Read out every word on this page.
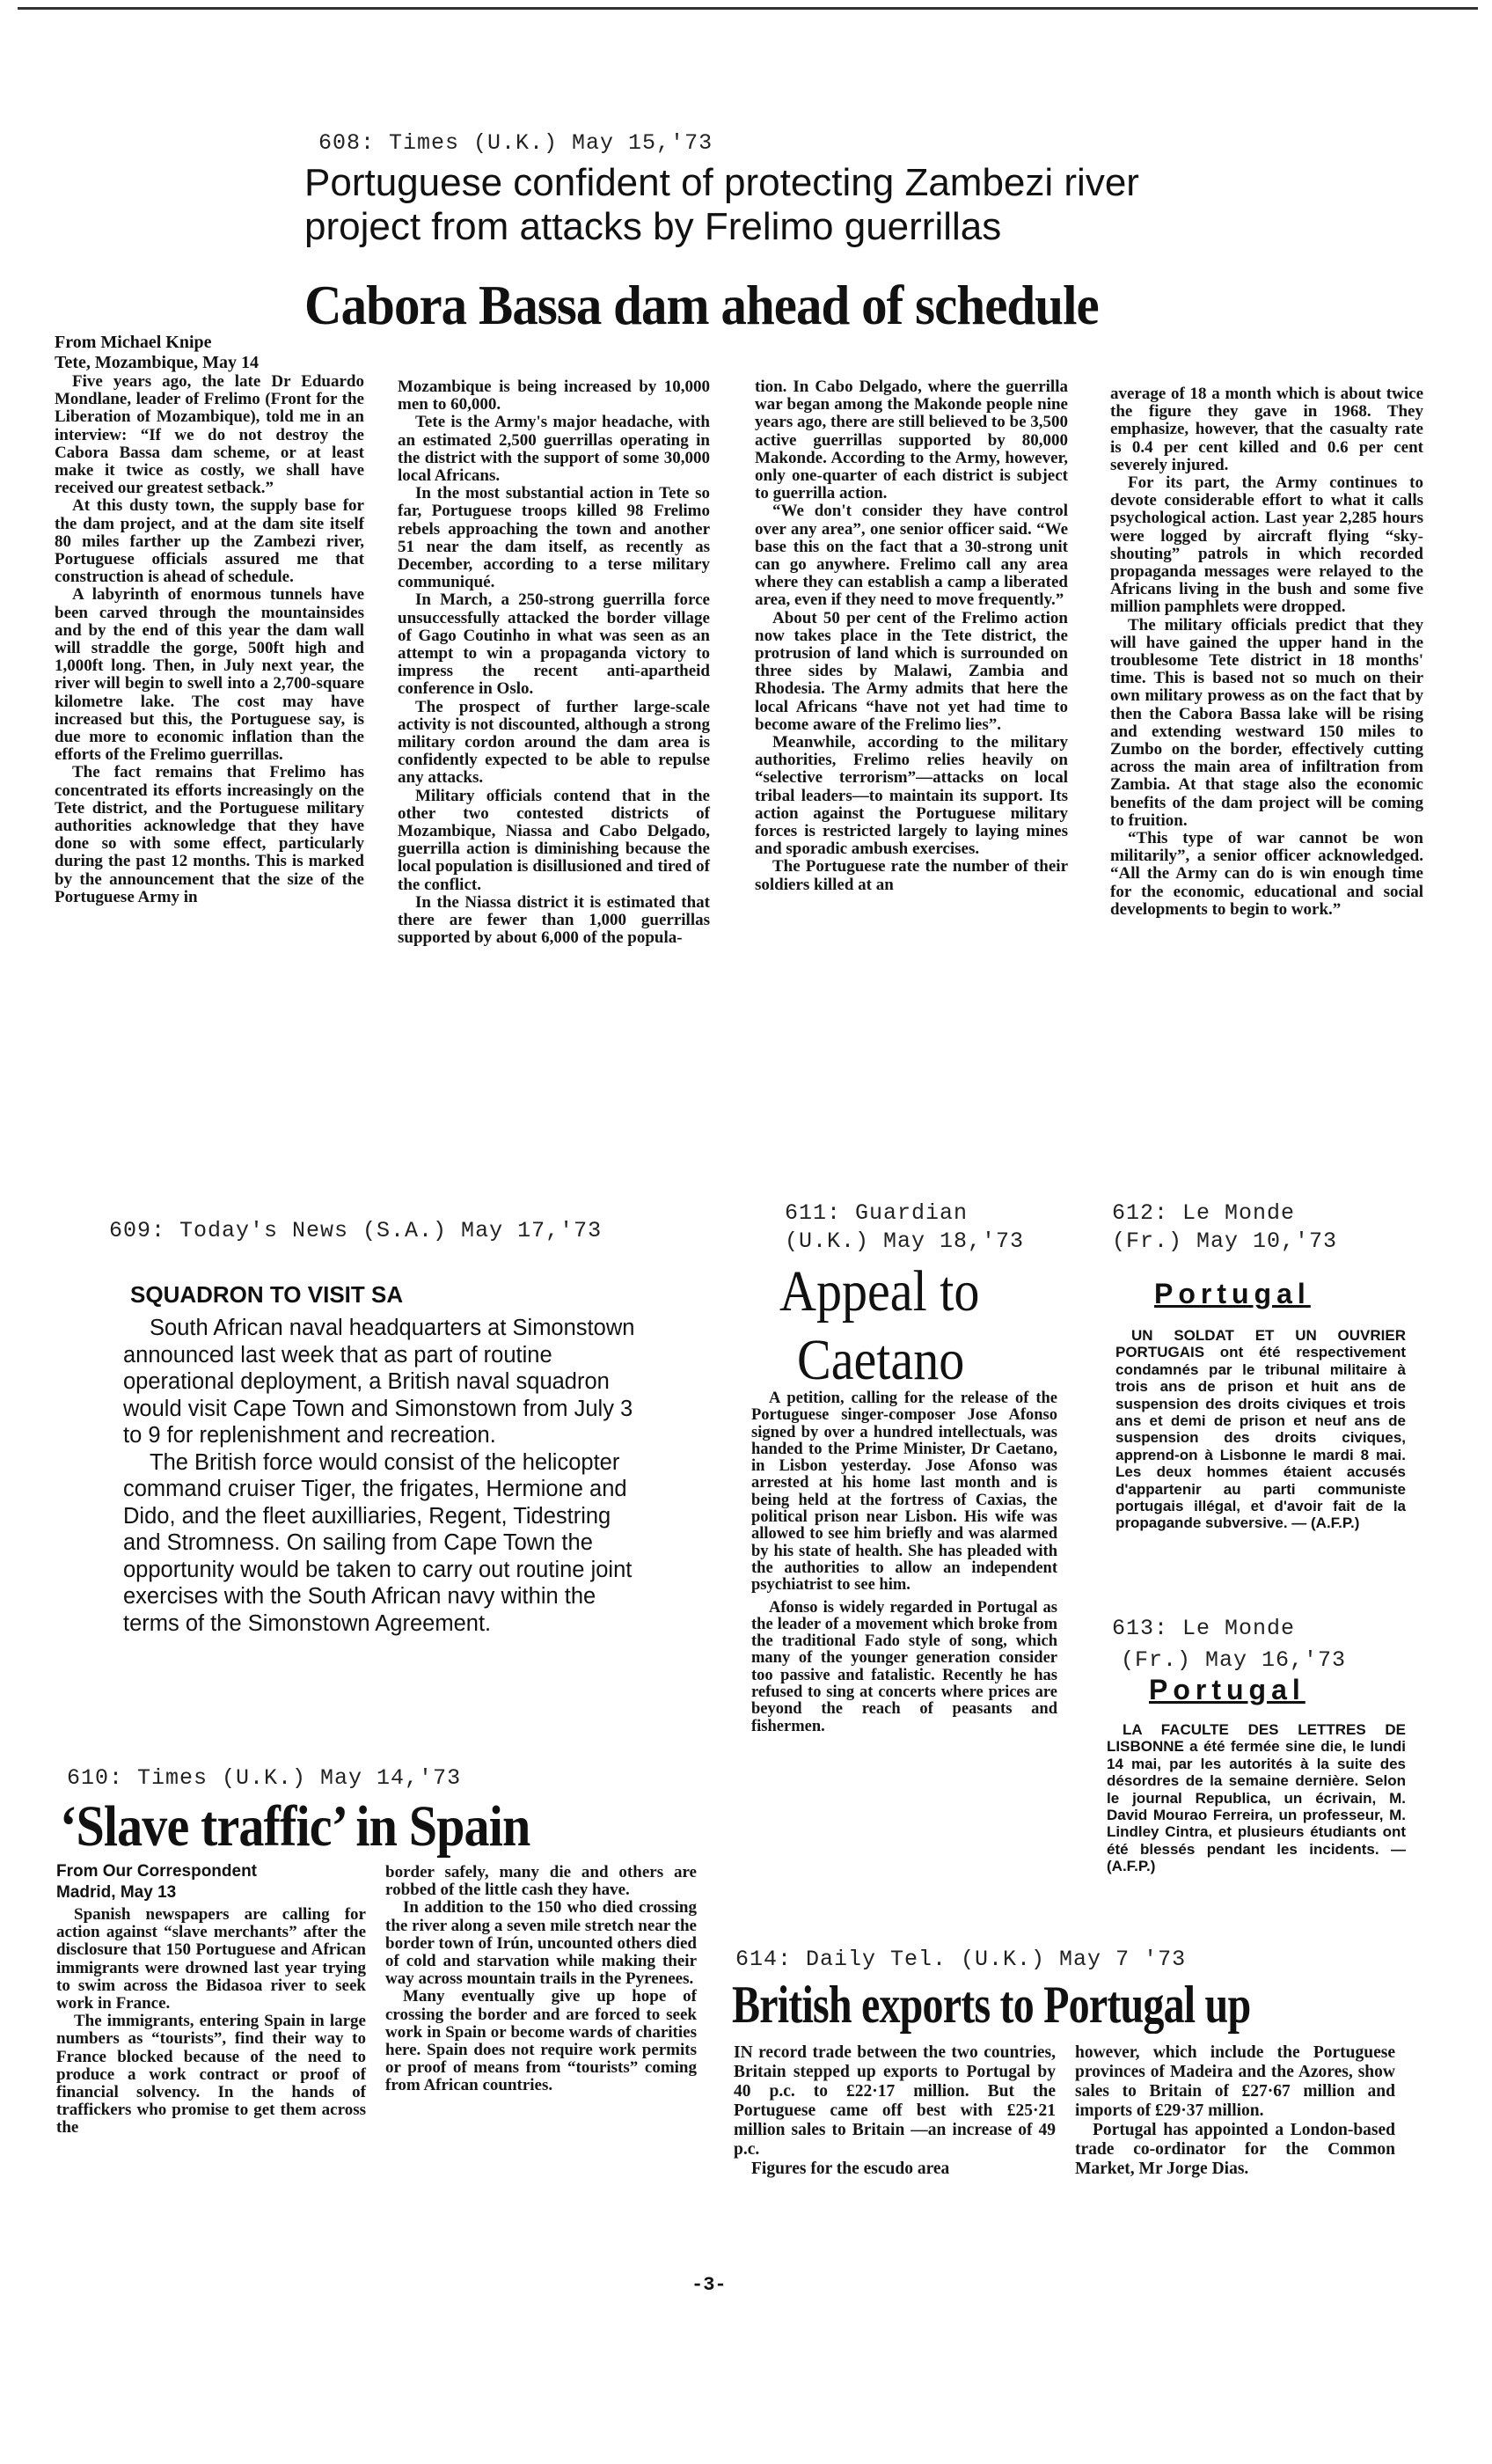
608: Times (U.K.) May 15,'73
Portuguese confident of protecting Zambezi river
project from attacks by Frelimo guerrillas
Cabora Bassa dam ahead of schedule
From Michael Knipe
Tete, Mozambique, May 14

Five years ago, the late Dr Eduardo Mondlane, leader of Frelimo (Front for the Liberation of Mozambique), told me in an interview: “If we do not destroy the Cabora Bassa dam scheme, or at least make it twice as costly, we shall have received our greatest setback.”

At this dusty town, the supply base for the dam project, and at the dam site itself 80 miles farther up the Zambezi river, Portuguese officials assured me that construction is ahead of schedule.

A labyrinth of enormous tunnels have been carved through the mountainsides and by the end of this year the dam wall will straddle the gorge, 500ft high and 1,000ft long. Then, in July next year, the river will begin to swell into a 2,700-square kilometre lake. The cost may have increased but this, the Portuguese say, is due more to economic inflation than the efforts of the Frelimo guerrillas.

The fact remains that Frelimo has concentrated its efforts increasingly on the Tete district, and the Portuguese military authorities acknowledge that they have done so with some effect, particularly during the past 12 months. This is marked by the announcement that the size of the Portuguese Army in

Mozambique is being increased by 10,000 men to 60,000.

Tete is the Army's major headache, with an estimated 2,500 guerrillas operating in the district with the support of some 30,000 local Africans.

In the most substantial action in Tete so far, Portuguese troops killed 98 Frelimo rebels approaching the town and another 51 near the dam itself, as recently as December, according to a terse military communiqué.

In March, a 250-strong guerrilla force unsuccessfully attacked the border village of Gago Coutinho in what was seen as an attempt to win a propaganda victory to impress the recent anti-apartheid conference in Oslo.

The prospect of further large-scale activity is not discounted, although a strong military cordon around the dam area is confidently expected to be able to repulse any attacks.

Military officials contend that in the other two contested districts of Mozambique, Niassa and Cabo Delgado, guerrilla action is diminishing because the local population is disillusioned and tired of the conflict.

In the Niassa district it is estimated that there are fewer than 1,000 guerrillas supported by about 6,000 of the popula-

tion. In Cabo Delgado, where the guerrilla war began among the Makonde people nine years ago, there are still believed to be 3,500 active guerrillas supported by 80,000 Makonde. According to the Army, however, only one-quarter of each district is subject to guerrilla action.

“We don't consider they have control over any area”, one senior officer said. “We base this on the fact that a 30-strong unit can go anywhere. Frelimo call any area where they can establish a camp a liberated area, even if they need to move frequently.”

About 50 per cent of the Frelimo action now takes place in the Tete district, the protrusion of land which is surrounded on three sides by Malawi, Zambia and Rhodesia. The Army admits that here the local Africans “have not yet had time to become aware of the Frelimo lies”.

Meanwhile, according to the military authorities, Frelimo relies heavily on “selective terrorism”—attacks on local tribal leaders—to maintain its support. Its action against the Portuguese military forces is restricted largely to laying mines and sporadic ambush exercises.

The Portuguese rate the number of their soldiers killed at an

average of 18 a month which is about twice the figure they gave in 1968. They emphasize, however, that the casualty rate is 0.4 per cent killed and 0.6 per cent severely injured.

For its part, the Army continues to devote considerable effort to what it calls psychological action. Last year 2,285 hours were logged by aircraft flying “sky-shouting” patrols in which recorded propaganda messages were relayed to the Africans living in the bush and some five million pamphlets were dropped.

The military officials predict that they will have gained the upper hand in the troublesome Tete district in 18 months' time. This is based not so much on their own military prowess as on the fact that by then the Cabora Bassa lake will be rising and extending westward 150 miles to Zumbo on the border, effectively cutting across the main area of infiltration from Zambia. At that stage also the economic benefits of the dam project will be coming to fruition.

“This type of war cannot be won militarily”, a senior officer acknowledged. “All the Army can do is win enough time for the economic, educational and social developments to begin to work.”

609: Today's News (S.A.) May 17,'73
SQUADRON TO VISIT SA

South African naval headquarters at Simonstown announced last week that as part of routine operational deployment, a British naval squadron would visit Cape Town and Simonstown from July 3 to 9 for replenishment and recreation.

The British force would consist of the helicopter command cruiser Tiger, the frigates, Hermione and Dido, and the fleet auxilliaries, Regent, Tidestring and Stromness. On sailing from Cape Town the opportunity would be taken to carry out routine joint exercises with the South African navy within the terms of the Simonstown Agreement.

610: Times (U.K.) May 14,'73
‘Slave traffic’ in Spain
From Our Correspondent
Madrid, May 13

Spanish newspapers are calling for action against “slave merchants” after the disclosure that 150 Portuguese and African immigrants were drowned last year trying to swim across the Bidasoa river to seek work in France.

The immigrants, entering Spain in large numbers as “tourists”, find their way to France blocked because of the need to produce a work contract or proof of financial solvency. In the hands of traffickers who promise to get them across the

border safely, many die and others are robbed of the little cash they have.

In addition to the 150 who died crossing the river along a seven mile stretch near the border town of Irún, uncounted others died of cold and starvation while making their way across mountain trails in the Pyrenees.

Many eventually give up hope of crossing the border and are forced to seek work in Spain or become wards of charities here. Spain does not require work permits or proof of means from “tourists” coming from African countries.

611: Guardian
(U.K.) May 18,'73
Appeal to
Caetano

A petition, calling for the release of the Portuguese singer-composer Jose Afonso signed by over a hundred intellectuals, was handed to the Prime Minister, Dr Caetano, in Lisbon yesterday. Jose Afonso was arrested at his home last month and is being held at the fortress of Caxias, the political prison near Lisbon. His wife was allowed to see him briefly and was alarmed by his state of health. She has pleaded with the authorities to allow an independent psychiatrist to see him.

Afonso is widely regarded in Portugal as the leader of a movement which broke from the traditional Fado style of song, which many of the younger generation consider too passive and fatalistic. Recently he has refused to sing at concerts where prices are beyond the reach of peasants and fishermen.

612: Le Monde
(Fr.) May 10,'73
Portugal

UN SOLDAT ET UN OUVRIER PORTUGAIS ont été respectivement condamnés par le tribunal militaire à trois ans de prison et huit ans de suspension des droits civiques et trois ans et demi de prison et neuf ans de suspension des droits civiques, apprend-on à Lisbonne le mardi 8 mai. Les deux hommes étaient accusés d'appartenir au parti communiste portugais illégal, et d'avoir fait de la propagande subversive. — (A.F.P.)

613: Le Monde
(Fr.) May 16,'73
Portugal

LA FACULTE DES LETTRES DE LISBONNE a été fermée sine die, le lundi 14 mai, par les autorités à la suite des désordres de la semaine dernière. Selon le journal Republica, un écrivain, M. David Mourao Ferreira, un professeur, M. Lindley Cintra, et plusieurs étudiants ont été blessés pendant les incidents. — (A.F.P.)

614: Daily Tel. (U.K.) May 7 '73
British exports to Portugal up

IN record trade between the two countries, Britain stepped up exports to Portugal by 40 p.c. to £22·17 million. But the Portuguese came off best with £25·21 million sales to Britain —an increase of 49 p.c.

Figures for the escudo area

however, which include the Portuguese provinces of Madeira and the Azores, show sales to Britain of £27·67 million and imports of £29·37 million.

Portugal has appointed a London-based trade co-ordinator for the Common Market, Mr Jorge Dias.

-3-
